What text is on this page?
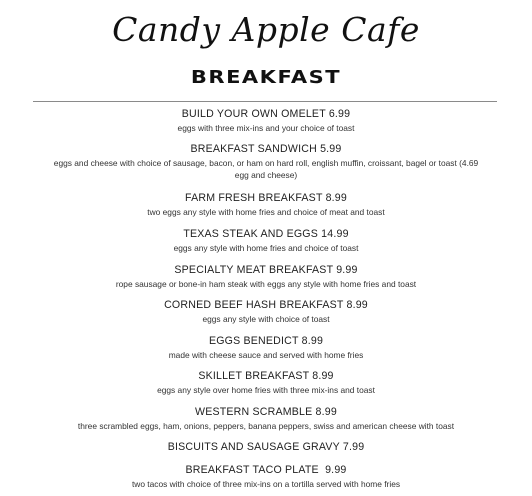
Candy Apple Cafe
BREAKFAST
BUILD YOUR OWN OMELET 6.99
eggs with three mix-ins and your choice of toast
BREAKFAST SANDWICH 5.99
eggs and cheese with choice of sausage, bacon, or ham on hard roll, english muffin, croissant, bagel or toast (4.69 egg and cheese)
FARM FRESH BREAKFAST 8.99
two eggs any style with home fries and choice of meat and toast
TEXAS STEAK AND EGGS 14.99
eggs any style with home fries and choice of toast
SPECIALTY MEAT BREAKFAST 9.99
rope sausage or bone-in ham steak with eggs any style with home fries and toast
CORNED BEEF HASH BREAKFAST 8.99
eggs any style with choice of toast
EGGS BENEDICT 8.99
made with cheese sauce and served with home fries
SKILLET BREAKFAST 8.99
eggs any style over home fries with three mix-ins and toast
WESTERN SCRAMBLE 8.99
three scrambled eggs, ham, onions, peppers, banana peppers, swiss and american cheese with toast
BISCUITS AND SAUSAGE GRAVY 7.99
BREAKFAST TACO PLATE  9.99
two tacos with choice of three mix-ins on a tortilla served with home fries
